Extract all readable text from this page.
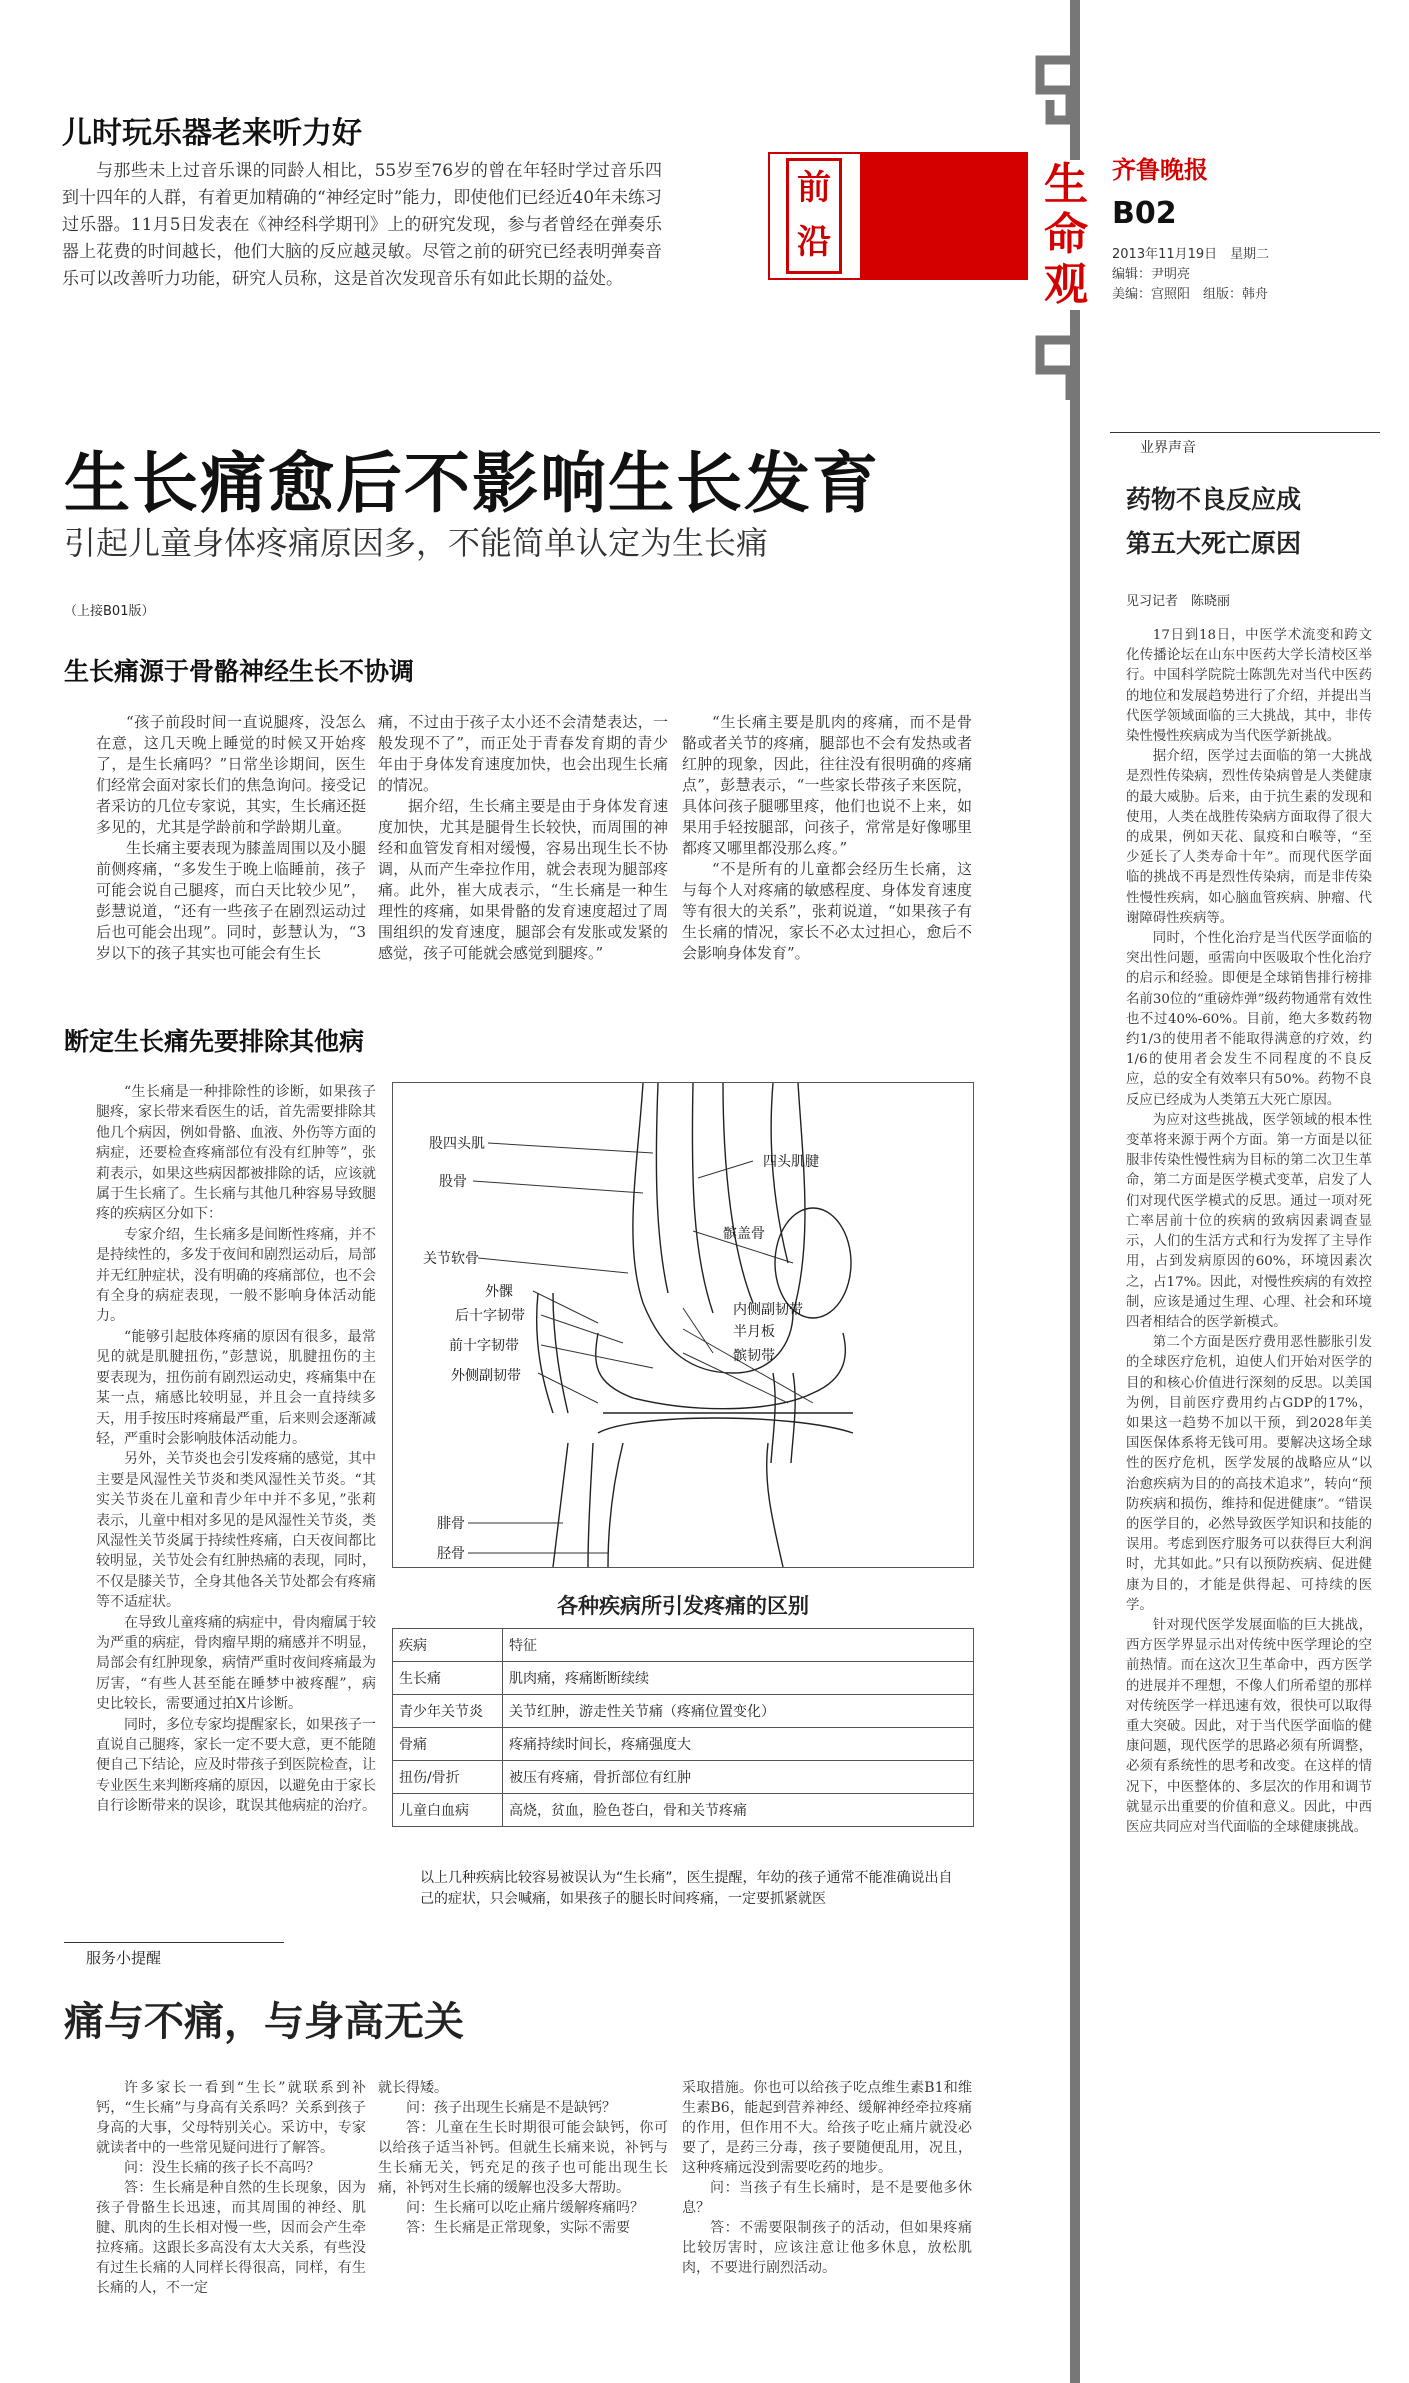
儿时玩乐器老来听力好

与那些未上过音乐课的同龄人相比，55岁至76岁的曾在年轻时学过音乐四到十四年的人群，有着更加精确的“神经定时”能力，即使他们已经近40年未练习过乐器。11月5日发表在《神经科学期刊》上的研究发现，参与者曾经在弹奏乐器上花费的时间越长，他们大脑的反应越灵敏。尽管之前的研究已经表明弹奏音乐可以改善听力功能，研究人员称，这是首次发现音乐有如此长期的益处。

前沿
生命观
齐鲁晚报
B02
2013年11月19日　星期二
编辑：尹明亮
美编：宫照阳　组版：韩舟
生长痛愈后不影响生长发育
引起儿童身体疼痛原因多，不能简单认定为生长痛
（上接B01版）
生长痛源于骨骼神经生长不协调

“孩子前段时间一直说腿疼，没怎么在意，这几天晚上睡觉的时候又开始疼了，是生长痛吗？”日常坐诊期间，医生们经常会面对家长们的焦急询问。接受记者采访的几位专家说，其实，生长痛还挺多见的，尤其是学龄前和学龄期儿童。

生长痛主要表现为膝盖周围以及小腿前侧疼痛，“多发生于晚上临睡前，孩子可能会说自己腿疼，而白天比较少见”，彭慧说道，“还有一些孩子在剧烈运动过后也可能会出现”。同时，彭慧认为，“3岁以下的孩子其实也可能会有生长

痛，不过由于孩子太小还不会清楚表达，一般发现不了”，而正处于青春发育期的青少年由于身体发育速度加快，也会出现生长痛的情况。

据介绍，生长痛主要是由于身体发育速度加快，尤其是腿骨生长较快，而周围的神经和血管发育相对缓慢，容易出现生长不协调，从而产生牵拉作用，就会表现为腿部疼痛。此外，崔大成表示，“生长痛是一种生理性的疼痛，如果骨骼的发育速度超过了周围组织的发育速度，腿部会有发胀或发紧的感觉，孩子可能就会感觉到腿疼。”

“生长痛主要是肌肉的疼痛，而不是骨骼或者关节的疼痛，腿部也不会有发热或者红肿的现象，因此，往往没有很明确的疼痛点”，彭慧表示，“一些家长带孩子来医院，具体问孩子腿哪里疼，他们也说不上来，如果用手轻按腿部，问孩子，常常是好像哪里都疼又哪里都没那么疼。”

“不是所有的儿童都会经历生长痛，这与每个人对疼痛的敏感程度、身体发育速度等有很大的关系”，张莉说道，“如果孩子有生长痛的情况，家长不必太过担心，愈后不会影响身体发育”。

断定生长痛先要排除其他病

“生长痛是一种排除性的诊断，如果孩子腿疼，家长带来看医生的话，首先需要排除其他几个病因，例如骨骼、血液、外伤等方面的病症，还要检查疼痛部位有没有红肿等”，张莉表示，如果这些病因都被排除的话，应该就属于生长痛了。生长痛与其他几种容易导致腿疼的疾病区分如下：

专家介绍，生长痛多是间断性疼痛，并不是持续性的，多发于夜间和剧烈运动后，局部并无红肿症状，没有明确的疼痛部位，也不会有全身的病症表现，一般不影响身体活动能力。

“能够引起肢体疼痛的原因有很多，最常见的就是肌腱扭伤，”彭慧说，肌腱扭伤的主要表现为，扭伤前有剧烈运动史，疼痛集中在某一点，痛感比较明显，并且会一直持续多天，用手按压时疼痛最严重，后来则会逐渐减轻，严重时会影响肢体活动能力。

另外，关节炎也会引发疼痛的感觉，其中主要是风湿性关节炎和类风湿性关节炎。“其实关节炎在儿童和青少年中并不多见，”张莉表示，儿童中相对多见的是风湿性关节炎，类风湿性关节炎属于持续性疼痛，白天夜间都比较明显，关节处会有红肿热痛的表现，同时，不仅是膝关节，全身其他各关节处都会有疼痛等不适症状。

在导致儿童疼痛的病症中，骨肉瘤属于较为严重的病症，骨肉瘤早期的痛感并不明显，局部会有红肿现象，病情严重时夜间疼痛最为厉害，“有些人甚至能在睡梦中被疼醒”，病史比较长，需要通过拍X片诊断。

同时，多位专家均提醒家长，如果孩子一直说自己腿疼，家长一定不要大意，更不能随便自己下结论，应及时带孩子到医院检查，让专业医生来判断疼痛的原因，以避免由于家长自行诊断带来的误诊，耽误其他病症的治疗。

股四头肌
股骨
四头肌腱
髌盖骨
关节软骨
外髁
后十字韧带	内侧副韧带
前十字韧带
半月板
外侧副韧带
髌韧带
腓骨
胫骨
各种疾病所引发疼痛的区别
疾病	特征
生长痛	肌肉痛，疼痛断断续续
青少年关节炎	关节红肿，游走性关节痛（疼痛位置变化）
骨痛	疼痛持续时间长，疼痛强度大
扭伤/骨折	被压有疼痛，骨折部位有红肿
儿童白血病	高烧，贫血，脸色苍白，骨和关节疼痛
以上几种疾病比较容易被误认为“生长痛”，医生提醒，年幼的孩子通常不能准确说出自己的症状，只会喊痛，如果孩子的腿长时间疼痛，一定要抓紧就医
服务小提醒
痛与不痛，与身高无关

许多家长一看到“生长”就联系到补钙，“生长痛”与身高有关系吗？关系到孩子身高的大事，父母特别关心。采访中，专家就读者中的一些常见疑问进行了解答。

问：没生长痛的孩子长不高吗？

答：生长痛是种自然的生长现象，因为孩子骨骼生长迅速，而其周围的神经、肌腱、肌肉的生长相对慢一些，因而会产生牵拉疼痛。这跟长多高没有太大关系，有些没有过生长痛的人同样长得很高，同样，有生长痛的人，不一定

就长得矮。

问：孩子出现生长痛是不是缺钙？

答：儿童在生长时期很可能会缺钙，你可以给孩子适当补钙。但就生长痛来说，补钙与生长痛无关，钙充足的孩子也可能出现生长痛，补钙对生长痛的缓解也没多大帮助。

问：生长痛可以吃止痛片缓解疼痛吗？

答：生长痛是正常现象，实际不需要

采取措施。你也可以给孩子吃点维生素B1和维生素B6，能起到营养神经、缓解神经牵拉疼痛的作用，但作用不大。给孩子吃止痛片就没必要了，是药三分毒，孩子要随便乱用，况且，这种疼痛远没到需要吃药的地步。

问：当孩子有生长痛时，是不是要他多休息？

答：不需要限制孩子的活动，但如果疼痛比较厉害时，应该注意让他多休息，放松肌肉，不要进行剧烈活动。

业界声音
药物不良反应成
第五大死亡原因
见习记者　陈晓丽

17日到18日，中医学术流变和跨文化传播论坛在山东中医药大学长清校区举行。中国科学院院士陈凯先对当代中医药的地位和发展趋势进行了介绍，并提出当代医学领域面临的三大挑战，其中，非传染性慢性疾病成为当代医学新挑战。

据介绍，医学过去面临的第一大挑战是烈性传染病，烈性传染病曾是人类健康的最大威胁。后来，由于抗生素的发现和使用，人类在战胜传染病方面取得了很大的成果，例如天花、鼠疫和白喉等，“至少延长了人类寿命十年”。而现代医学面临的挑战不再是烈性传染病，而是非传染性慢性疾病，如心脑血管疾病、肿瘤、代谢障碍性疾病等。

同时，个性化治疗是当代医学面临的突出性问题，亟需向中医吸取个性化治疗的启示和经验。即便是全球销售排行榜排名前30位的“重磅炸弹”级药物通常有效性也不过40%-60%。目前，绝大多数药物约1/3的使用者不能取得满意的疗效，约1/6的使用者会发生不同程度的不良反应，总的安全有效率只有50%。药物不良反应已经成为人类第五大死亡原因。

为应对这些挑战，医学领域的根本性变革将来源于两个方面。第一方面是以征服非传染性慢性病为目标的第二次卫生革命，第二方面是医学模式变革，启发了人们对现代医学模式的反思。通过一项对死亡率居前十位的疾病的致病因素调查显示，人们的生活方式和行为发挥了主导作用，占到发病原因的60%，环境因素次之，占17%。因此，对慢性疾病的有效控制，应该是通过生理、心理、社会和环境四者相结合的医学新模式。

第二个方面是医疗费用恶性膨胀引发的全球医疗危机，迫使人们开始对医学的目的和核心价值进行深刻的反思。以美国为例，目前医疗费用约占GDP的17%，如果这一趋势不加以干预，到2028年美国医保体系将无钱可用。要解决这场全球性的医疗危机，医学发展的战略应从“以治愈疾病为目的的高技术追求”，转向“预防疾病和损伤，维持和促进健康”。“错误的医学目的，必然导致医学知识和技能的误用。考虑到医疗服务可以获得巨大利润时，尤其如此。”只有以预防疾病、促进健康为目的，才能是供得起、可持续的医学。

针对现代医学发展面临的巨大挑战，西方医学界显示出对传统中医学理论的空前热情。而在这次卫生革命中，西方医学的进展并不理想，不像人们所希望的那样对传统医学一样迅速有效，很快可以取得重大突破。因此，对于当代医学面临的健康问题，现代医学的思路必须有所调整，必须有系统性的思考和改变。在这样的情况下，中医整体的、多层次的作用和调节就显示出重要的价值和意义。因此，中西医应共同应对当代面临的全球健康挑战。
